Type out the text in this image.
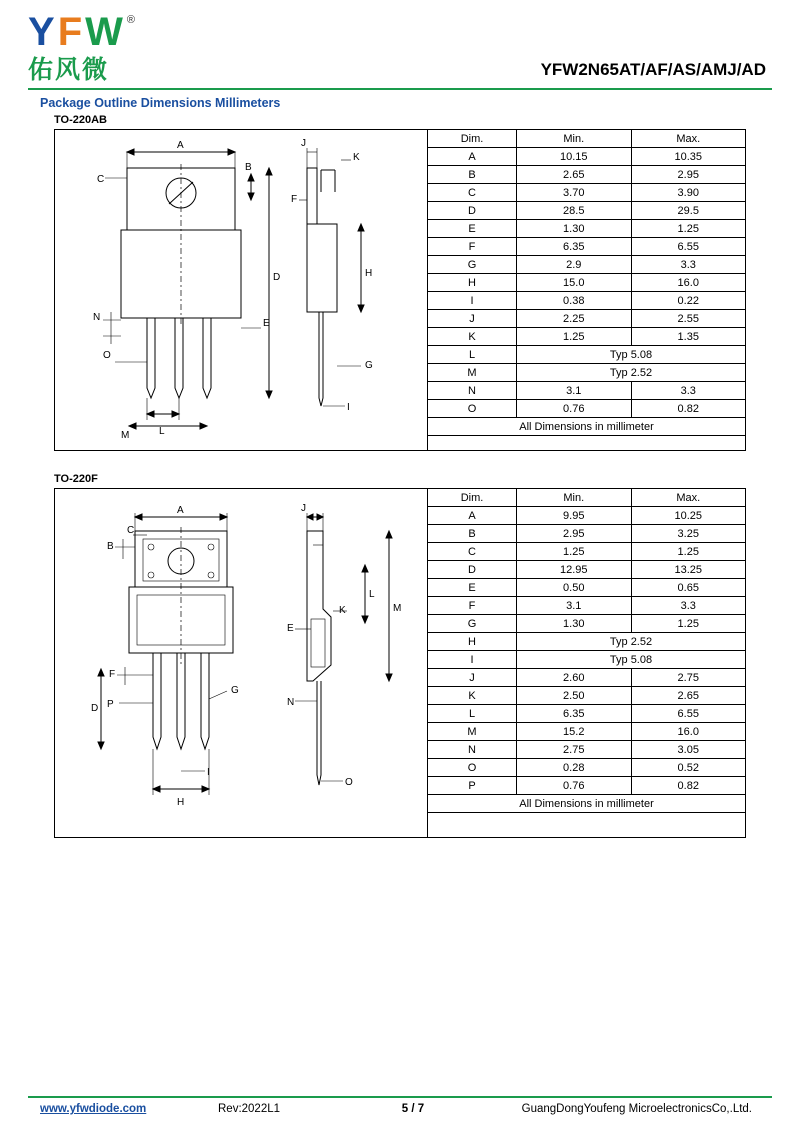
Y F W ®
佑风微	YFW2N65AT/AF/AS/AMJ/AD
Package Outline Dimensions Millimeters
TO-220AB
A
B
C
D
E
N
O
L
M
J
K
F
H
G
I
Dim.	Min.	Max.
A	10.15	10.35
B	2.65	2.95
C	3.70	3.90
D	28.5	29.5
E	1.30	1.25
F	6.35	6.55
G	2.9	3.3
H	15.0	16.0
I	0.38	0.22
J	2.25	2.55
K	1.25	1.35
L	Typ 5.08	
M	Typ 2.52	
N	3.1	3.3
O	0.76	0.82
All Dimensions in millimeter		
TO-220F
A
B
C
D
F
P
G
H
I
J
K
E
L
M
N
O
Dim.	Min.	Max.
A	9.95	10.25
B	2.95	3.25
C	1.25	1.25
D	12.95	13.25
E	0.50	0.65
F	3.1	3.3
G	1.30	1.25
H	Typ 2.52	
I	Typ 5.08	
J	2.60	2.75
K	2.50	2.65
L	6.35	6.55
M	15.2	16.0
N	2.75	3.05
O	0.28	0.52
P	0.76	0.82
All Dimensions in millimeter		
www.yfwdiode.com	Rev:2022L1	5 / 7	GuangDongYoufeng MicroelectronicsCo,.Ltd.
